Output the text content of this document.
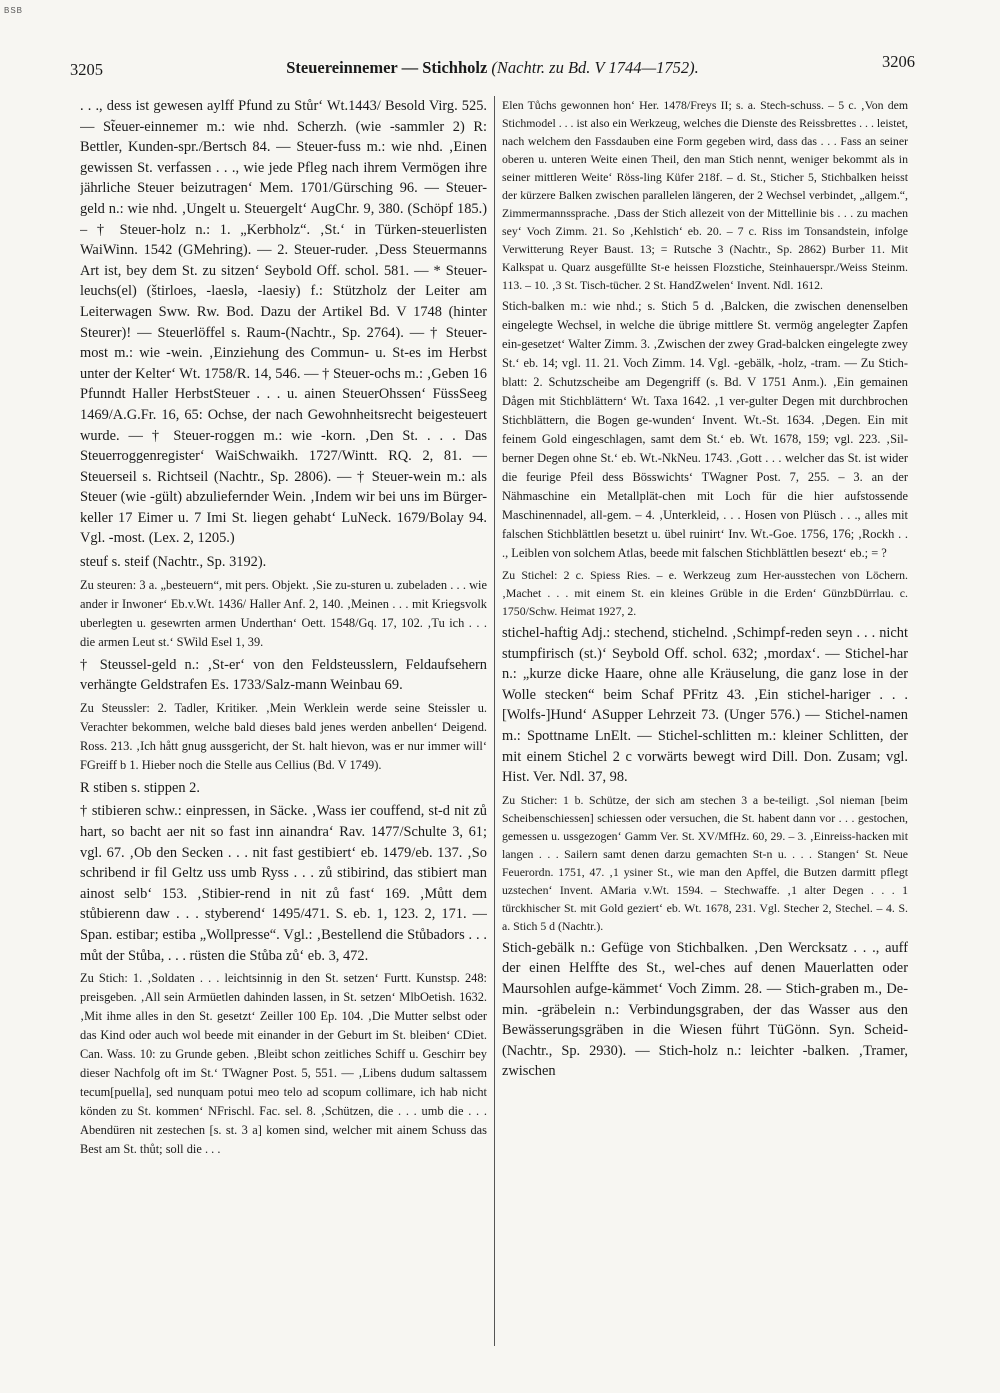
BSB
3205	Steuereinnemer — Stichholz (Nachtr. zu Bd. V 1744—1752).	3206

. . ., dess ist gewesen aylff Pfund zu Stůr‘ Wt.1443/ Besold Virg. 525. — St̃euer-einnemer m.: wie nhd. Scherzh. (wie -sammler 2) R: Bettler, Kunden-spr./Bertsch 84. — Steuer-fuss m.: wie nhd. ‚Einen gewissen St. verfassen . . ., wie jede Pfleg nach ihrem Vermögen ihre jährliche Steuer beizutragen‘ Mem. 1701/Gürsching 96. — Steuer-geld n.: wie nhd. ‚Ungelt u. Steuergelt‘ AugChr. 9, 380. (Schöpf 185.) – † Steuer-holz n.: 1. „Kerbholz“. ‚St.‘ in Türken-steuerlisten WaiWinn. 1542 (GMehring). — 2. Steuer-ruder. ‚Dess Steuermanns Art ist, bey dem St. zu sitzen‘ Seybold Off. schol. 581. — * Steuer-leuchs(el) (štirloes, -laeslǝ, -laesiy) f.: Stützholz der Leiter am Leiterwagen Sww. Rw. Bod. Dazu der Artikel Bd. V 1748 (hinter Steurer)! — Steuerlöffel s. Raum-(Nachtr., Sp. 2764). — † Steuer-most m.: wie -wein. ‚Einziehung des Commun- u. St-es im Herbst unter der Kelter‘ Wt. 1758/R. 14, 546. — † Steuer-ochs m.: ‚Geben 16 Pfunndt Haller HerbstSteuer . . . u. ainen SteuerOhssen‘ FüssSeeg 1469/A.G.Fr. 16, 65: Ochse, der nach Gewohnheitsrecht beigesteuert wurde. — † Steuer-roggen m.: wie -korn. ‚Den St. . . . Das Steuerroggenregister‘ WaiSchwaikh. 1727/Wintt. RQ. 2, 81. — Steuerseil s. Richtseil (Nachtr., Sp. 2806). — † Steuer-wein m.: als Steuer (wie -gült) abzuliefernder Wein. ‚Indem wir bei uns im Bürger-keller 17 Eimer u. 7 Imi St. liegen gehabt‘ LuNeck. 1679/Bolay 94. Vgl. -most. (Lex. 2, 1205.)

steuf s. steif (Nachtr., Sp. 3192).

Zu steuren: 3 a. „besteuern“, mit pers. Objekt. ‚Sie zu-sturen u. zubeladen . . . wie ander ir Inwoner‘ Eb.v.Wt. 1436/ Haller Anf. 2, 140. ‚Meinen . . . mit Kriegsvolk uberlegten u. gesewrten armen Underthan‘ Oett. 1548/Gq. 17, 102. ‚Tu ich . . . die armen Leut st.‘ SWild Esel 1, 39.

† Steussel-geld n.: ‚St-er‘ von den Feldsteusslern, Feldaufsehern verhängte Geldstrafen Es. 1733/Salz-mann Weinbau 69.

Zu Steussler: 2. Tadler, Kritiker. ‚Mein Werklein werde seine Steissler u. Verachter bekommen, welche bald dieses bald jenes werden anbellen‘ Deigend. Ross. 213. ‚Ich hått gnug aussgericht, der St. halt hievon, was er nur immer will‘ FGreiff b 1. Hieber noch die Stelle aus Cellius (Bd. V 1749).

R stiben s. stippen 2.

† stibieren schw.: einpressen, in Säcke. ‚Wass ier couffend, st-d nit zů hart, so bacht aer nit so fast inn ainandra‘ Rav. 1477/Schulte 3, 61; vgl. 67. ‚Ob den Secken . . . nit fast gestibiert‘ eb. 1479/eb. 137. ‚So schribend ir fil Geltz uss umb Ryss . . . zů stibirind, das stibiert man ainost selb‘ 153. ‚Stibier-rend in nit zů fast‘ 169. ‚Můtt dem stůbierenn daw . . . styberend‘ 1495/471. S. eb. 1, 123. 2, 171. — Span. estibar; estiba „Wollpresse“. Vgl.: ‚Bestellend die Stůbadors . . . můt der Stůba, . . . rüsten die Stůba zů‘ eb. 3, 472.

Zu Stich: 1. ‚Soldaten . . . leichtsinnig in den St. setzen‘ Furtt. Kunstsp. 248: preisgeben. ‚All sein Armüetlen dahinden lassen, in St. setzen‘ MlbOetish. 1632. ‚Mit ihme alles in den St. gesetzt‘ Zeiller 100 Ep. 104. ‚Die Mutter selbst oder das Kind oder auch wol beede mit einander in der Geburt im St. bleiben‘ CDiet. Can. Wass. 10: zu Grunde geben. ‚Bleibt schon zeitliches Schiff u. Geschirr bey dieser Nachfolg oft im St.‘ TWagner Post. 5, 551. — ‚Libens dudum saltassem tecum[puella], sed nunquam potui meo telo ad scopum collimare, ich hab nicht könden zu St. kommen‘ NFrischl. Fac. sel. 8. ‚Schützen, die . . . umb die . . . Abendüren nit zestechen [s. st. 3 a] komen sind, welcher mit ainem Schuss das Best am St. thůt; soll die . . .

Elen Tůchs gewonnen hon‘ Her. 1478/Freys II; s. a. Stech-schuss. – 5 c. ‚Von dem Stichmodel . . . ist also ein Werkzeug, welches die Dienste des Reissbrettes . . . leistet, nach welchem den Fassdauben eine Form gegeben wird, dass das . . . Fass an seiner oberen u. unteren Weite einen Theil, den man Stich nennt, weniger bekommt als in seiner mittleren Weite‘ Röss-ling Küfer 218f. – d. St., Sticher 5, Stichbalken heisst der kürzere Balken zwischen parallelen längeren, der 2 Wechsel verbindet, „allgem.“, Zimmermannssprache. ‚Dass der Stich allezeit von der Mittellinie bis . . . zu machen sey‘ Voch Zimm. 21. So ‚Kehlstich‘ eb. 20. – 7 c. Riss im Tonsandstein, infolge Verwitterung Reyer Baust. 13; = Rutsche 3 (Nachtr., Sp. 2862) Burber 11. Mit Kalkspat u. Quarz ausgefüllte St-e heissen Flozstiche, Steinhauerspr./Weiss Steinm. 113. – 10. ‚3 St. Tisch-tücher. 2 St. HandZwelen‘ Invent. Ndl. 1612.

Stich-balken m.: wie nhd.; s. Stich 5 d. ‚Balcken, die zwischen denenselben eingelegte Wechsel, in welche die übrige mittlere St. vermög angelegter Zapfen ein-gesetzet‘ Walter Zimm. 3. ‚Zwischen der zwey Grad-balcken eingelegte zwey St.‘ eb. 14; vgl. 11. 21. Voch Zimm. 14. Vgl. -gebälk, -holz, -tram. — Zu Stich-blatt: 2. Schutzscheibe am Degengriff (s. Bd. V 1751 Anm.). ‚Ein gemainen Dågen mit Stichblättern‘ Wt. Taxa 1642. ‚1 ver-gulter Degen mit durchbrochen Stichblättern, die Bogen ge-wunden‘ Invent. Wt.-St. 1634. ‚Degen. Ein mit feinem Gold eingeschlagen, samt dem St.‘ eb. Wt. 1678, 159; vgl. 223. ‚Sil-berner Degen ohne St.‘ eb. Wt.-NkNeu. 1743. ‚Gott . . . welcher das St. ist wider die feurige Pfeil dess Bösswichts‘ TWagner Post. 7, 255. – 3. an der Nähmaschine ein Metallplät-chen mit Loch für die hier aufstossende Maschinennadel, all-gem. – 4. ‚Unterkleid, . . . Hosen von Plüsch . . ., alles mit falschen Stichblättlen besetzt u. übel ruinirt‘ Inv. Wt.-Goe. 1756, 176; ‚Rockh . . ., Leiblen von solchem Atlas, beede mit falschen Stichblättlen besezt‘ eb.; = ?

Zu Stichel: 2 c. Spiess Ries. – e. Werkzeug zum Her-ausstechen von Löchern. ‚Machet . . . mit einem St. ein kleines Grüble in die Erden‘ GünzbDürrlau. c. 1750/Schw. Heimat 1927, 2.

stichel-haftig Adj.: stechend, stichelnd. ‚Schimpf-reden seyn . . . nicht stumpfirisch (st.)‘ Seybold Off. schol. 632; ‚mordax‘. — Stichel-har n.: „kurze dicke Haare, ohne alle Kräuselung, die ganz lose in der Wolle stecken“ beim Schaf PFritz 43. ‚Ein stichel-hariger . . . [Wolfs-]Hund‘ ASupper Lehrzeit 73. (Unger 576.) — Stichel-namen m.: Spottname LnElt. — Stichel-schlitten m.: kleiner Schlitten, der mit einem Stichel 2 c vorwärts bewegt wird Dill. Don. Zusam; vgl. Hist. Ver. Ndl. 37, 98.

Zu Sticher: 1 b. Schütze, der sich am stechen 3 a be-teiligt. ‚Sol nieman [beim Scheibenschiessen] schiessen oder versuchen, die St. habent dann vor . . . gestochen, gemessen u. ussgezogen‘ Gamm Ver. St. XV/MfHz. 60, 29. – 3. ‚Einreiss-hacken mit langen . . . Sailern samt denen darzu gemachten St-n u. . . . Stangen‘ St. Neue Feuerordn. 1751, 47. ‚1 ysiner St., wie man den Apffel, die Butzen darmitt pflegt uzstechen‘ Invent. AMaria v.Wt. 1594. – Stechwaffe. ‚1 alter Degen . . . 1 türckhischer St. mit Gold geziert‘ eb. Wt. 1678, 231. Vgl. Stecher 2, Stechel. – 4. S. a. Stich 5 d (Nachtr.).

Stich-gebälk n.: Gefüge von Stichbalken. ‚Den Wercksatz . . ., auff der einen Helffte des St., wel-ches auf denen Mauerlatten oder Maursohlen aufge-kämmet‘ Voch Zimm. 28. — Stich-graben m., De-min. -gräbelein n.: Verbindungsgraben, der das Wasser aus den Bewässerungsgräben in die Wiesen führt TüGönn. Syn. Scheid- (Nachtr., Sp. 2930). — Stich-holz n.: leichter -balken. ‚Tramer, zwischen
